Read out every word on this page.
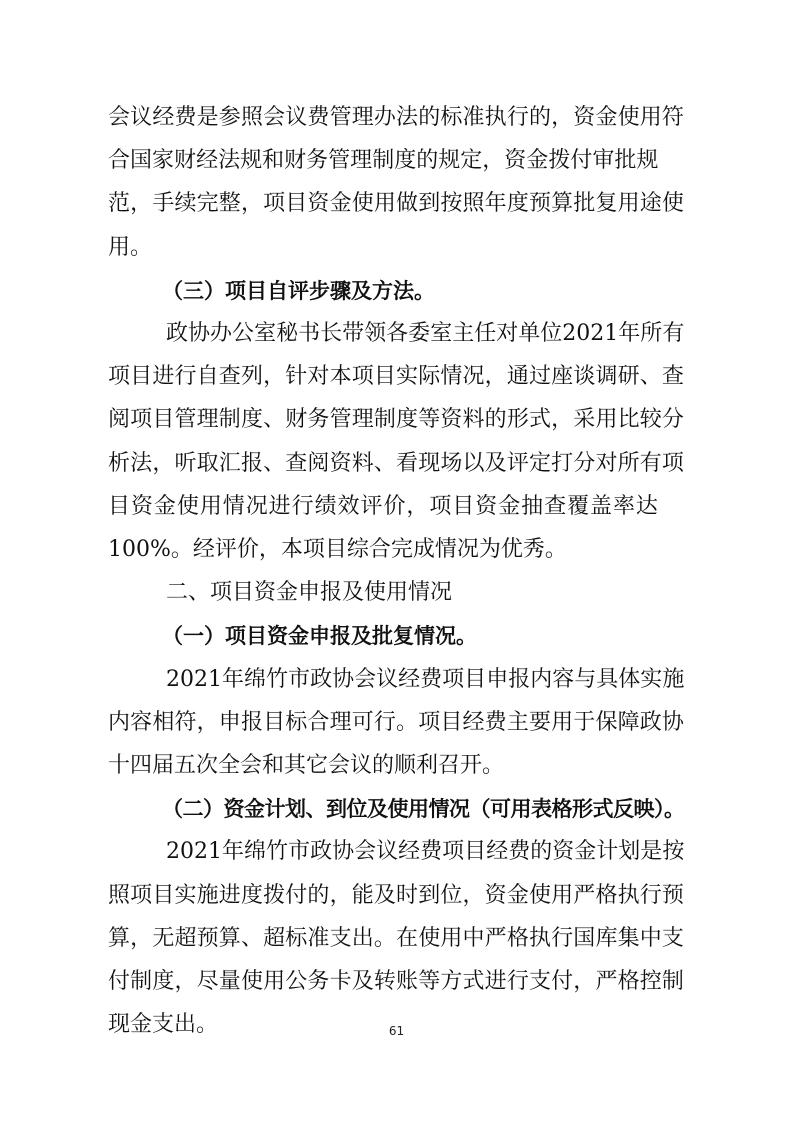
会 议 经 费 是 参 照 会 议 费 管 理 办 法 的 标 准 执 行 的 ， 资 金 使 用 符
合 国 家 财 经 法 规 和 财 务 管 理 制 度 的 规 定 ， 资 金 拨 付 审 批 规
范 ， 手 续 完 整 ， 项 目 资 金 使 用 做 到 按 照 年 度 预 算 批 复 用 途 使
用。
（三）项目自评步骤及方法。
政 协 办 公 室 秘 书 长 带 领 各 委 室 主 任 对 单 位 2 0 2 1 年 所 有
项 目 进 行 自 查 列 ， 针 对 本 项 目 实 际 情 况 ， 通 过 座 谈 调 研 、 查
阅 项 目 管 理 制 度 、 财 务 管 理 制 度 等 资 料 的 形 式 ， 采 用 比 较 分
析 法 ， 听 取 汇 报 、 查 阅 资 料 、 看 现 场 以 及 评 定 打 分 对 所 有 项
目 资 金 使 用 情 况 进 行 绩 效 评 价 ， 项 目 资 金 抽 查 覆 盖 率 达
100%。经评价，本项目综合完成情况为优秀。
二、项目资金申报及使用情况
（一）项目资金申报及批复情况。
2 0 2 1 年 绵 竹 市 政 协 会 议 经 费 项 目 申 报 内 容 与 具 体 实 施
内 容 相 符 ， 申 报 目 标 合 理 可 行 。 项 目 经 费 主 要 用 于 保 障 政 协
十四届五次全会和其它会议的顺利召开。
（二）资金计划、到位及使用情况（可用表格形式反映）。
2 0 2 1 年 绵 竹 市 政 协 会 议 经 费 项 目 经 费 的 资 金 计 划 是 按
照 项 目 实 施 进 度 拨 付 的 ， 能 及 时 到 位 ， 资 金 使 用 严 格 执 行 预
算 ， 无 超 预 算 、 超 标 准 支 出 。 在 使 用 中 严 格 执 行 国 库 集 中 支
付 制 度 ， 尽 量 使 用 公 务 卡 及 转 账 等 方 式 进 行 支 付 ， 严 格 控 制
现金支出。	61
